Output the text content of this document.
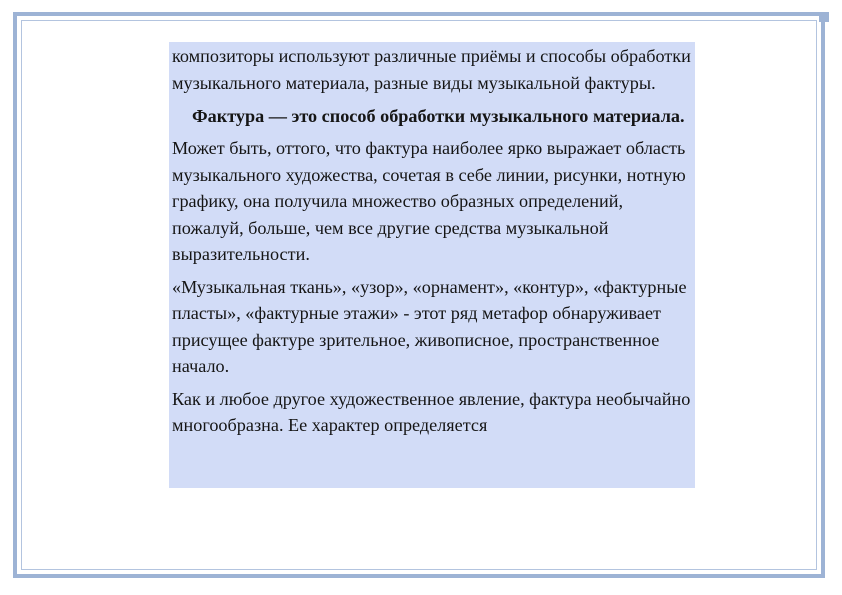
композиторы используют различные приёмы и способы обработки музыкального материала, разные виды музыкальной фактуры.

Фактура — это способ обработки музыкального материала.

Может быть, оттого, что фактура наиболее ярко выражает область музыкального художества, сочетая в себе линии, рисунки, нотную графику, она получила множество образных определений, пожалуй, больше, чем все другие средства музыкальной выразительности.

«Музыкальная ткань», «узор», «орнамент», «контур», «фактурные пласты», «фактурные этажи» - этот ряд метафор обнаруживает присущее фактуре зрительное, живописное, пространственное начало.

Как и любое другое художественное явление, фактура необычайно многообразна. Ее характер определяется
